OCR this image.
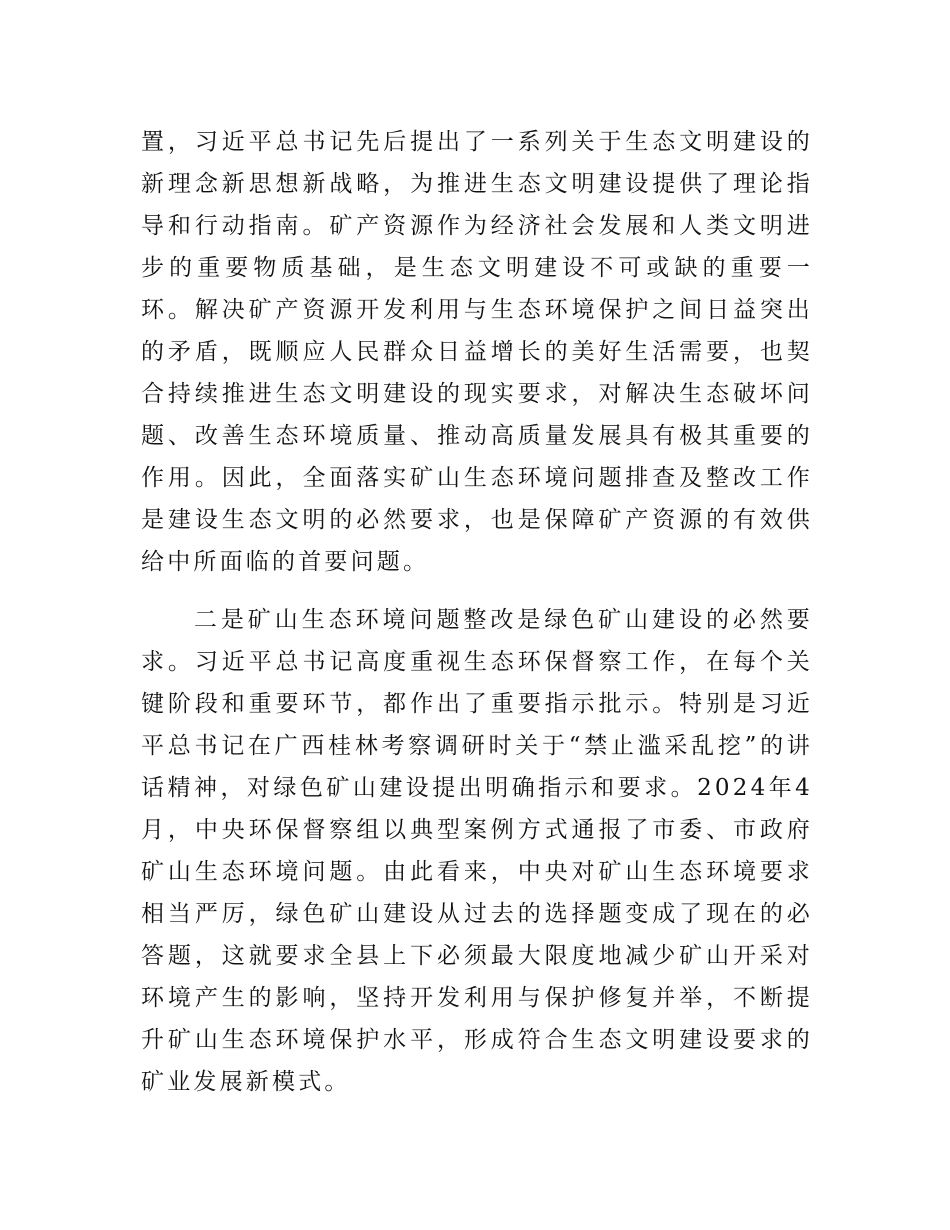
置，习近平总书记先后提出了一系列关于生态文明建设的新理念新思想新战略，为推进生态文明建设提供了理论指导和行动指南。矿产资源作为经济社会发展和人类文明进步的重要物质基础，是生态文明建设不可或缺的重要一环。解决矿产资源开发利用与生态环境保护之间日益突出的矛盾，既顺应人民群众日益增长的美好生活需要，也契合持续推进生态文明建设的现实要求，对解决生态破坏问题、改善生态环境质量、推动高质量发展具有极其重要的作用。因此，全面落实矿山生态环境问题排查及整改工作是建设生态文明的必然要求，也是保障矿产资源的有效供给中所面临的首要问题。

二是矿山生态环境问题整改是绿色矿山建设的必然要求。习近平总书记高度重视生态环保督察工作，在每个关键阶段和重要环节，都作出了重要指示批示。特别是习近平总书记在广西桂林考察调研时关于“禁止滥采乱挖”的讲话精神，对绿色矿山建设提出明确指示和要求。2024年4月，中央环保督察组以典型案例方式通报了市委、市政府矿山生态环境问题。由此看来，中央对矿山生态环境要求相当严厉，绿色矿山建设从过去的选择题变成了现在的必答题，这就要求全县上下必须最大限度地减少矿山开采对环境产生的影响，坚持开发利用与保护修复并举，不断提升矿山生态环境保护水平，形成符合生态文明建设要求的矿业发展新模式。
